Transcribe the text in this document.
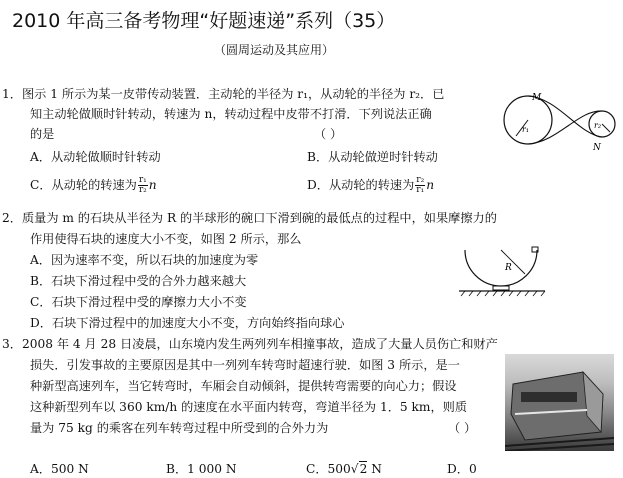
2010 年高三备考物理“好题速递”系列（35）
（圆周运动及其应用）
1．图示 1 所示为某一皮带传动装置．主动轮的半径为 r₁，从动轮的半径为 r₂．已
知主动轮做顺时针转动，转速为 n，转动过程中皮带不打滑．下列说法正确
的是	（ ）
A．从动轮做顺时针转动	B．从动轮做逆时针转动
C．从动轮的转速为 $\frac{\text{r₁}}{\text{r₂}}$ n	D．从动轮的转速为 $\frac{\text{r₂}}{\text{r₁}}$ n
M
r₁	r₂
N
2．质量为 m 的石块从半径为 R 的半球形的碗口下滑到碗的最低点的过程中，如果摩擦力的
作用使得石块的速度大小不变，如图 2 所示，那么
A．因为速率不变，所以石块的加速度为零
B．石块下滑过程中受的合外力越来越大
C．石块下滑过程中受的摩擦力大小不变
D．石块下滑过程中的加速度大小不变，方向始终指向球心
R
3．2008 年 4 月 28 日凌晨，山东境内发生两列列车相撞事故，造成了大量人员伤亡和财产
损失．引发事故的主要原因是其中一列列车转弯时超速行驶．如图 3 所示，是一
种新型高速列车，当它转弯时，车厢会自动倾斜，提供转弯需要的向心力；假设
这种新型列车以 360 km/h 的速度在水平面内转弯，弯道半径为 1．5 km，则质
量为 75 kg 的乘客在列车转弯过程中所受到的合外力为	（ ）
A．500 N	B．1 000 N	C．500√2 N	D．0
